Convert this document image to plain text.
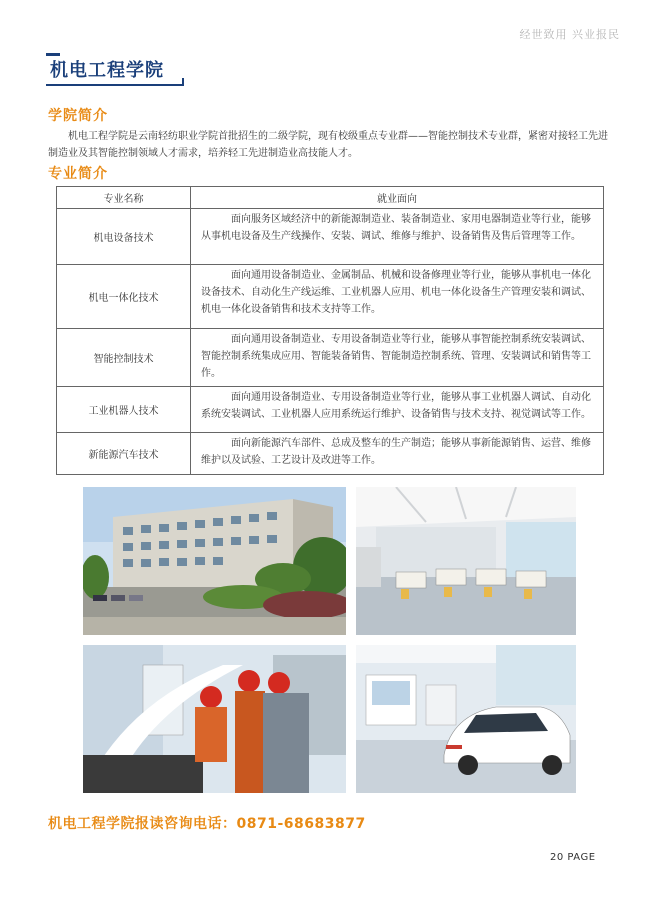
经世致用 兴业报民
机电工程学院
学院简介
机电工程学院是云南轻纺职业学院首批招生的二级学院，现有校级重点专业群——智能控制技术专业群，紧密对接轻工先进制造业及其智能控制领域人才需求，培养轻工先进制造业高技能人才。
专业简介
专业名称	就业面向
机电设备技术	面向服务区域经济中的新能源制造业、装备制造业、家用电器制造业等行业，能够从事机电设备及生产线操作、安装、调试、维修与维护、设备销售及售后管理等工作。
机电一体化技术	面向通用设备制造业、金属制品、机械和设备修理业等行业，能够从事机电一体化设备技术、自动化生产线运维、工业机器人应用、机电一体化设备生产管理安装和调试、机电一体化设备销售和技术支持等工作。
智能控制技术	面向通用设备制造业、专用设备制造业等行业，能够从事智能控制系统安装调试、智能控制系统集成应用、智能装备销售、智能制造控制系统、管理、安装调试和销售等工作。
工业机器人技术	面向通用设备制造业、专用设备制造业等行业，能够从事工业机器人调试、自动化系统安装调试、工业机器人应用系统运行维护、设备销售与技术支持、视觉调试等工作。
新能源汽车技术	面向新能源汽车部件、总成及整车的生产制造；能够从事新能源销售、运营、维修维护以及试验、工艺设计及改进等工作。
机电工程学院报读咨询电话：0871-68683877
20 PAGE
